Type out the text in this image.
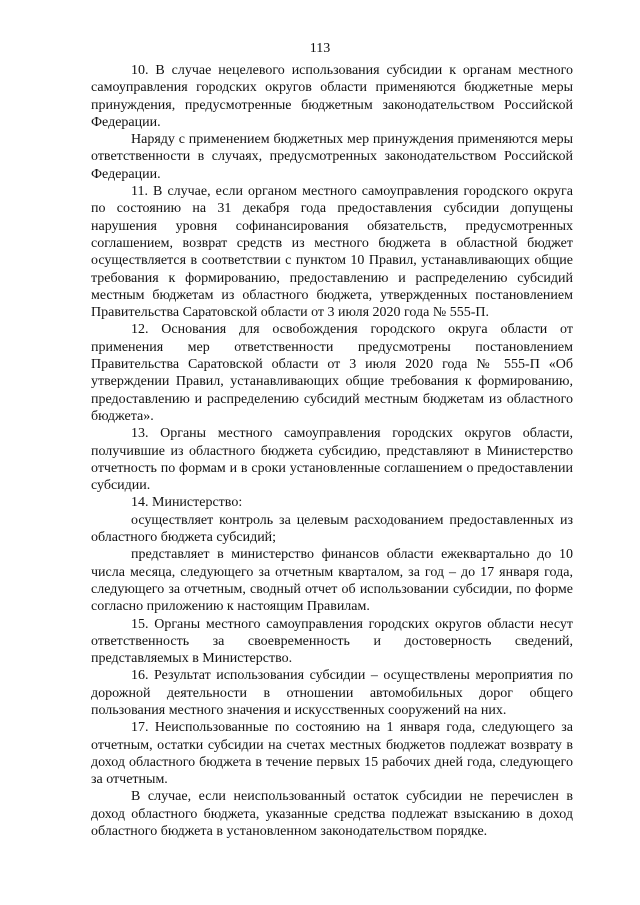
113

10. В случае нецелевого использования субсидии к органам местного самоуправления городских округов области применяются бюджетные меры принуждения, предусмотренные бюджетным законодательством Российской Федерации.

Наряду с применением бюджетных мер принуждения применяются меры ответственности в случаях, предусмотренных законодательством Российской Федерации.

11. В случае, если органом местного самоуправления городского округа по состоянию на 31 декабря года предоставления субсидии допущены нарушения уровня софинансирования обязательств, предусмотренных соглашением, возврат средств из местного бюджета в областной бюджет осуществляется в соответствии с пунктом 10 Правил, устанавливающих общие требования к формированию, предоставлению и распределению субсидий местным бюджетам из областного бюджета, утвержденных постановлением Правительства Саратовской области от 3 июля 2020 года № 555-П.

12. Основания для освобождения городского округа области от применения мер ответственности предусмотрены постановлением Правительства Саратовской области от 3 июля 2020 года № 555-П «Об утверждении Правил, устанавливающих общие требования к формированию, предоставлению и распределению субсидий местным бюджетам из областного бюджета».

13. Органы местного самоуправления городских округов области, получившие из областного бюджета субсидию, представляют в Министерство отчетность по формам и в сроки установленные соглашением о предоставлении субсидии.

14. Министерство:

осуществляет контроль за целевым расходованием предоставленных из областного бюджета субсидий;

представляет в министерство финансов области ежеквартально до 10 числа месяца, следующего за отчетным кварталом, за год – до 17 января года, следующего за отчетным, сводный отчет об использовании субсидии, по форме согласно приложению к настоящим Правилам.

15. Органы местного самоуправления городских округов области несут ответственность за своевременность и достоверность сведений, представляемых в Министерство.

16. Результат использования субсидии – осуществлены мероприятия по дорожной деятельности в отношении автомобильных дорог общего пользования местного значения и искусственных сооружений на них.

17. Неиспользованные по состоянию на 1 января года, следующего за отчетным, остатки субсидии на счетах местных бюджетов подлежат возврату в доход областного бюджета в течение первых 15 рабочих дней года, следующего за отчетным.

В случае, если неиспользованный остаток субсидии не перечислен в доход областного бюджета, указанные средства подлежат взысканию в доход областного бюджета в установленном законодательством порядке.
